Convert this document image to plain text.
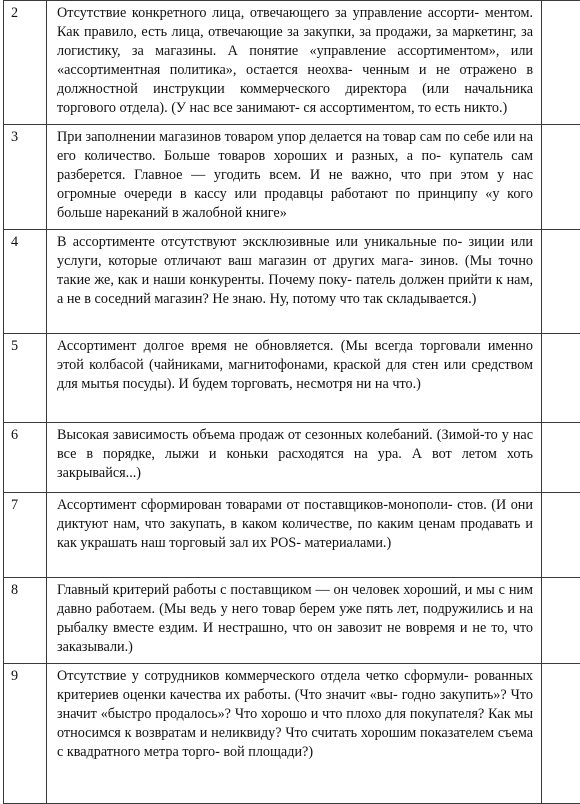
2	Отсутствие конкретного лица, отвечающего за управление ассорти- ментом. Как правило, есть лица, отвечающие за закупки, за продажи, за маркетинг, за логистику, за магазины. А понятие «управление ассортиментом», или «ассортиментная политика», остается неохва- ченным и не отражено в должностной инструкции коммерческого директора (или начальника торгового отдела). (У нас все занимают- ся ассортиментом, то есть никто.)	
3	При заполнении магазинов товаром упор делается на товар сам по себе или на его количество. Больше товаров хороших и разных, а по- купатель сам разберется. Главное — угодить всем. И не важно, что при этом у нас огромные очереди в кассу или продавцы работают по принципу «у кого больше нареканий в жалобной книге»	
4	В ассортименте отсутствуют эксклюзивные или уникальные по- зиции или услуги, которые отличают ваш магазин от других мага- зинов. (Мы точно такие же, как и наши конкуренты. Почему поку- патель должен прийти к нам, а не в соседний магазин? Не знаю. Ну, потому что так складывается.)	
5	Ассортимент долгое время не обновляется. (Мы всегда торговали именно этой колбасой (чайниками, магнитофонами, краской для стен или средством для мытья посуды). И будем торговать, несмотря ни на что.)	
6	Высокая зависимость объема продаж от сезонных колебаний. (Зимой-то у нас все в порядке, лыжи и коньки расходятся на ура. А вот летом хоть закрывайся...)	
7	Ассортимент сформирован товарами от поставщиков-монополи- стов. (И они диктуют нам, что закупать, в каком количестве, по каким ценам продавать и как украшать наш торговый зал их POS- материалами.)	
8	Главный критерий работы с поставщиком — он человек хороший, и мы с ним давно работаем. (Мы ведь у него товар берем уже пять лет, подружились и на рыбалку вместе ездим. И нестрашно, что он завозит не вовремя и не то, что заказывали.)	
9	Отсутствие у сотрудников коммерческого отдела четко сформули- рованных критериев оценки качества их работы. (Что значит «вы- годно закупить»? Что значит «быстро продалось»? Что хорошо и что плохо для покупателя? Как мы относимся к возвратам и неликвиду? Что считать хорошим показателем съема с квадратного метра торго- вой площади?)	
